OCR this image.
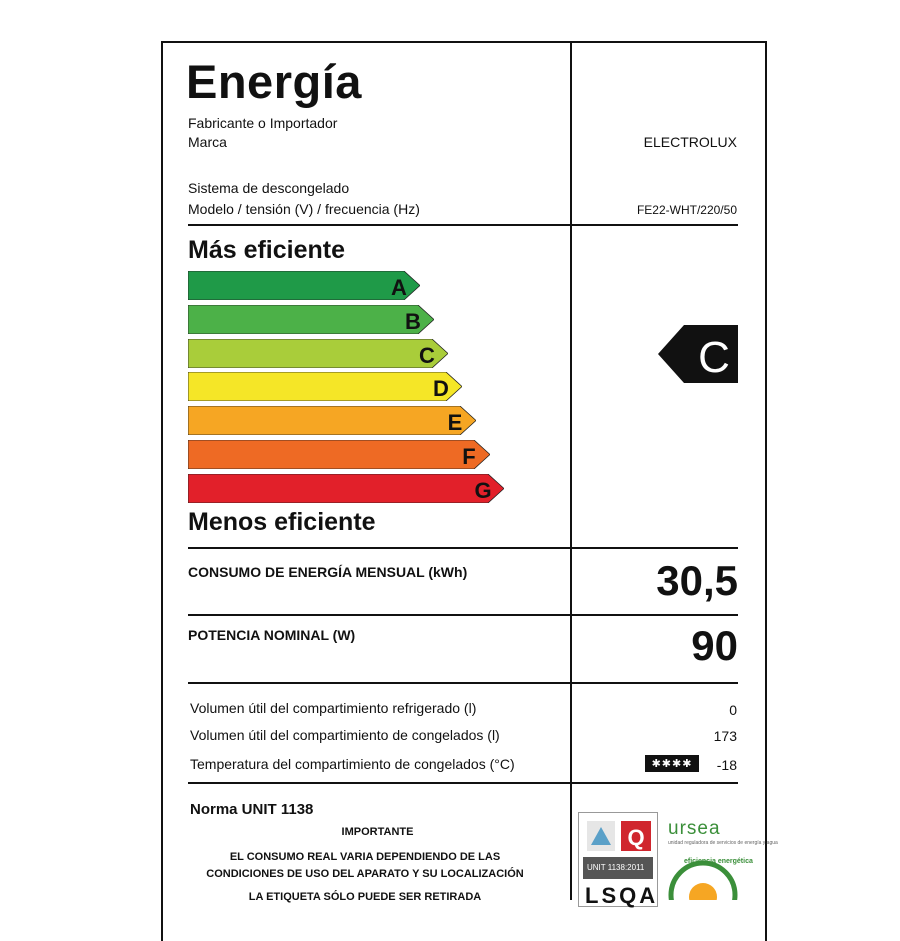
Energía
Fabricante o Importador
Marca	ELECTROLUX
Sistema de descongelado
Modelo / tensión (V) / frecuencia (Hz)	FE22-WHT/220/50
Más eficiente
A
B
C
D
E
F
G
Menos eficiente
C
CONSUMO DE ENERGÍA MENSUAL (kWh)	30,5
POTENCIA NOMINAL (W)	90
Volumen útil del compartimiento refrigerado (l)	0
Volumen útil del compartimiento de congelados (l)	173
Temperatura del compartimiento de congelados (°C)	✱✱✱✱	-18
Norma UNIT 1138
IMPORTANTE
EL CONSUMO REAL VARIA DEPENDIENDO DE LAS
CONDICIONES DE USO DEL APARATO Y SU LOCALIZACIÓN
LA ETIQUETA SÓLO PUEDE SER RETIRADA
Q
UNIT 1138:2011
LSQA
ursea
unidad reguladora de servicios de energía y agua
eficiencia energética
